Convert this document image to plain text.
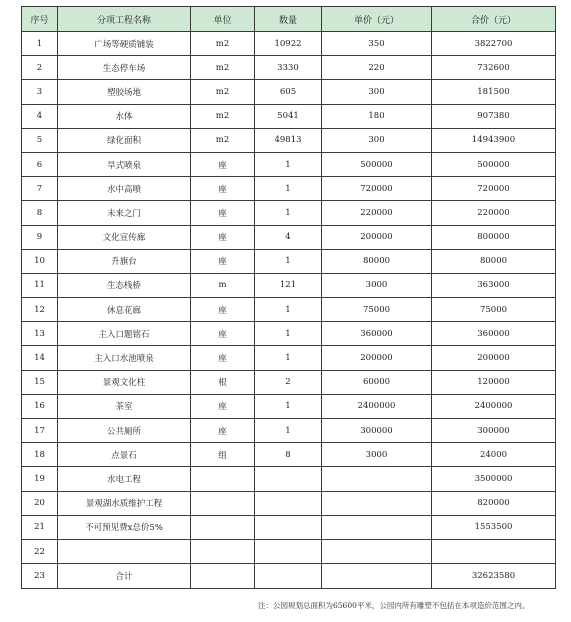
序号	分项工程名称	单位	数量	单价（元）	合价（元）
1	广场等硬质铺装	m2	10922	350	3822700
2	生态停车场	m2	3330	220	732600
3	塑胶场地	m2	605	300	181500
4	水体	m2	5041	180	907380
5	绿化面积	m2	49813	300	14943900
6	旱式喷泉	座	1	500000	500000
7	水中高喷	座	1	720000	720000
8	未来之门	座	1	220000	220000
9	文化宣传廊	座	4	200000	800000
10	升旗台	座	1	80000	80000
11	生态栈桥	m	121	3000	363000
12	休息花廊	座	1	75000	75000
13	主入口题铭石	座	1	360000	360000
14	主入口水池喷泉	座	1	200000	200000
15	景观文化柱	根	2	60000	120000
16	茶室	座	1	2400000	2400000
17	公共厕所	座	1	300000	300000
18	点景石	组	8	3000	24000
19	水电工程				3500000
20	景观湖水质维护工程				820000
21	不可预见费x总价5%				1553500
22					
23	合计				32623580
注：公园规划总面积为65600平米，公园内所有雕塑不包括在本项造价范围之内。
